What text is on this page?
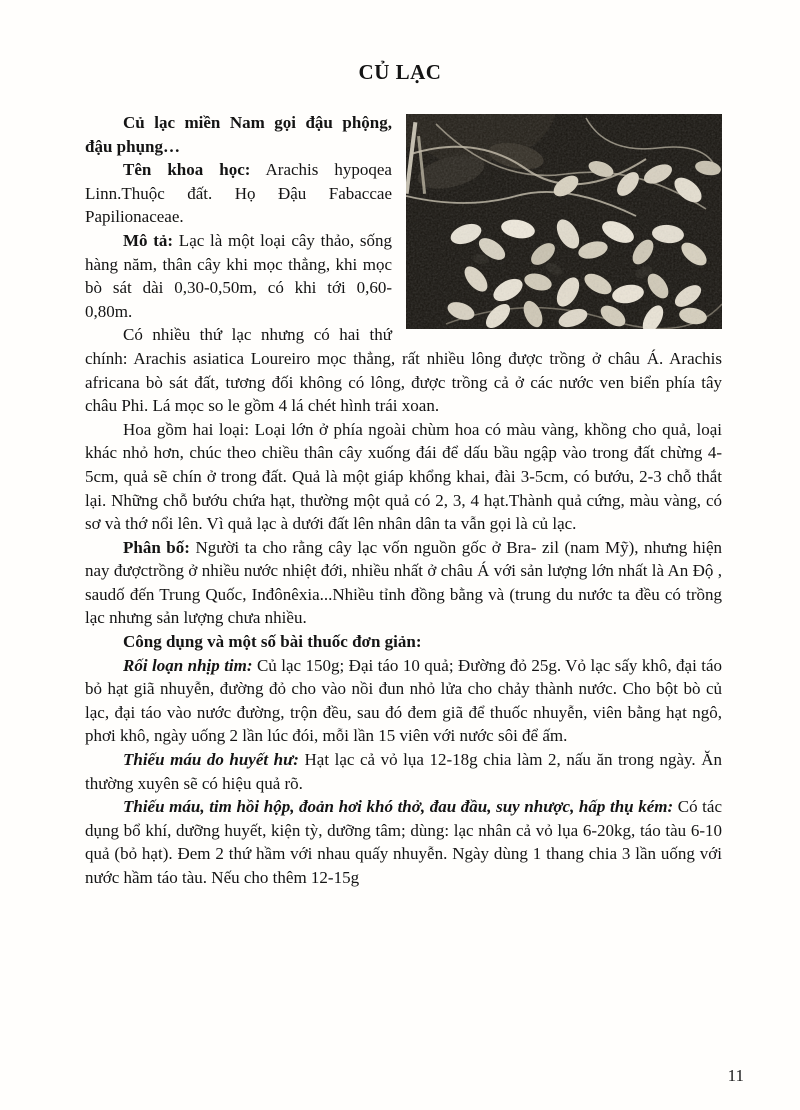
CỦ LẠC

Củ lạc miền Nam gọi đậu phộng, đậu phụng…

Tên khoa học: Arachis hypoqea Linn.Thuộc đất. Họ Đậu Fabaccae Papilionaceae.

Mô tả: Lạc là một loại cây thảo, sống hàng năm, thân cây khi mọc thẳng, khi mọc bò sát dài 0,30-0,50m, có khi tới 0,60-0,80m.

Có nhiều thứ lạc nhưng có hai thứ chính: Arachis asiatica Loureiro mọc thẳng, rất nhiều lông được trồng ở châu Á. Arachis africana bò sát đất, tương đối không có lông, được trồng cả ở các nước ven biển phía tây châu Phi. Lá mọc so le gồm 4 lá chét hình trái xoan.

Hoa gồm hai loại: Loại lớn ở phía ngoài chùm hoa có màu vàng, khồng cho quả, loại khác nhỏ hơn, chúc theo chiều thân cây xuống đái để dấu bầu ngập vào trong đất chừng 4-5cm, quả sẽ chín ở trong đất. Quả là một giáp khổng khai, đài 3-5cm, có bướu, 2-3 chỗ thắt lại. Những chỗ bướu chứa hạt, thường một quả có 2, 3, 4 hạt.Thành quả cứng, màu vàng, có sơ và thớ nổi lên. Vì quả lạc à dưới đất lên nhân dân ta vẫn gọi là củ lạc.

Phân bố: Người ta cho rằng cây lạc vốn nguồn gốc ở Bra- zil (nam Mỹ), nhưng hiện nay đượctrồng ở nhiều nước nhiệt đới, nhiều nhất ở châu Á với sản lượng lớn nhất là An Độ , saudố đến Trung Quốc, Inđônêxia...Nhiều tỉnh đồng bằng và (trung du nước ta đều có trồng lạc nhưng sản lượng chưa nhiều.

Công dụng và một số bài thuốc đơn giản:

Rối loạn nhịp tim: Củ lạc 150g; Đại táo 10 quả; Đường đỏ 25g. Vỏ lạc sấy khô, đại táo bỏ hạt giã nhuyễn, đường đỏ cho vào nồi đun nhỏ lửa cho chảy thành nước. Cho bột bò củ lạc, đại táo vào nước đường, trộn đều, sau đó đem giã để thuốc nhuyễn, viên bằng hạt ngô, phơi khô, ngày uống 2 lần lúc đói, mỗi lần 15 viên với nước sôi để ấm.

Thiếu máu do huyết hư: Hạt lạc cả vỏ lụa 12-18g chia làm 2, nấu ăn trong ngày. Ăn thường xuyên sẽ có hiệu quả rõ.

Thiếu máu, tim hồi hộp, đoản hơi khó thở, đau đầu, suy nhược, hấp thụ kém: Có tác dụng bổ khí, dưỡng huyết, kiện tỳ, dưỡng tâm; dùng: lạc nhân cả vỏ lụa 6-20kg, táo tàu 6-10 quả (bỏ hạt). Đem 2 thứ hầm với nhau quấy nhuyễn. Ngày dùng 1 thang chia 3 lần uống với nước hầm táo tàu. Nếu cho thêm 12-15g

11
